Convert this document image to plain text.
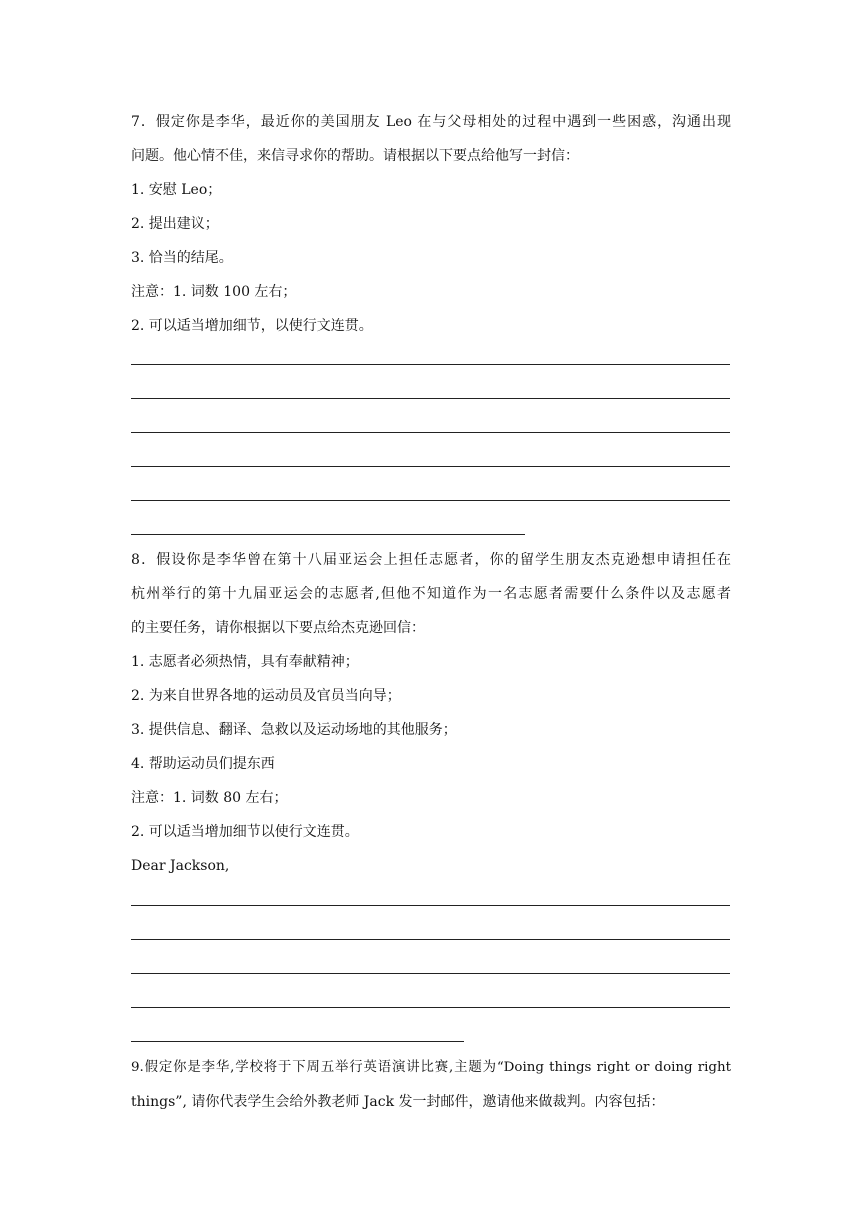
7．假定你是李华，最近你的美国朋友 Leo 在与父母相处的过程中遇到一些困惑，沟通出现
问题。他心情不佳，来信寻求你的帮助。请根据以下要点给他写一封信：
1. 安慰 Leo；
2. 提出建议；
3. 恰当的结尾。
注意：1. 词数 100 左右；
2. 可以适当增加细节，以使行文连贯。
8．假设你是李华曾在第十八届亚运会上担任志愿者，你的留学生朋友杰克逊想申请担任在
杭州举行的第十九届亚运会的志愿者,但他不知道作为一名志愿者需要什么条件以及志愿者
的主要任务，请你根据以下要点给杰克逊回信：
1. 志愿者必须热情，具有奉献精神；
2. 为来自世界各地的运动员及官员当向导；
3. 提供信息、翻译、急救以及运动场地的其他服务；
4. 帮助运动员们提东西
注意：1. 词数 80 左右；
2. 可以适当增加细节以使行文连贯。
Dear Jackson,
9.假定你是李华,学校将于下周五举行英语演讲比赛,主题为“Doing things right or doing right
things”, 请你代表学生会给外教老师 Jack 发一封邮件，邀请他来做裁判。内容包括：
